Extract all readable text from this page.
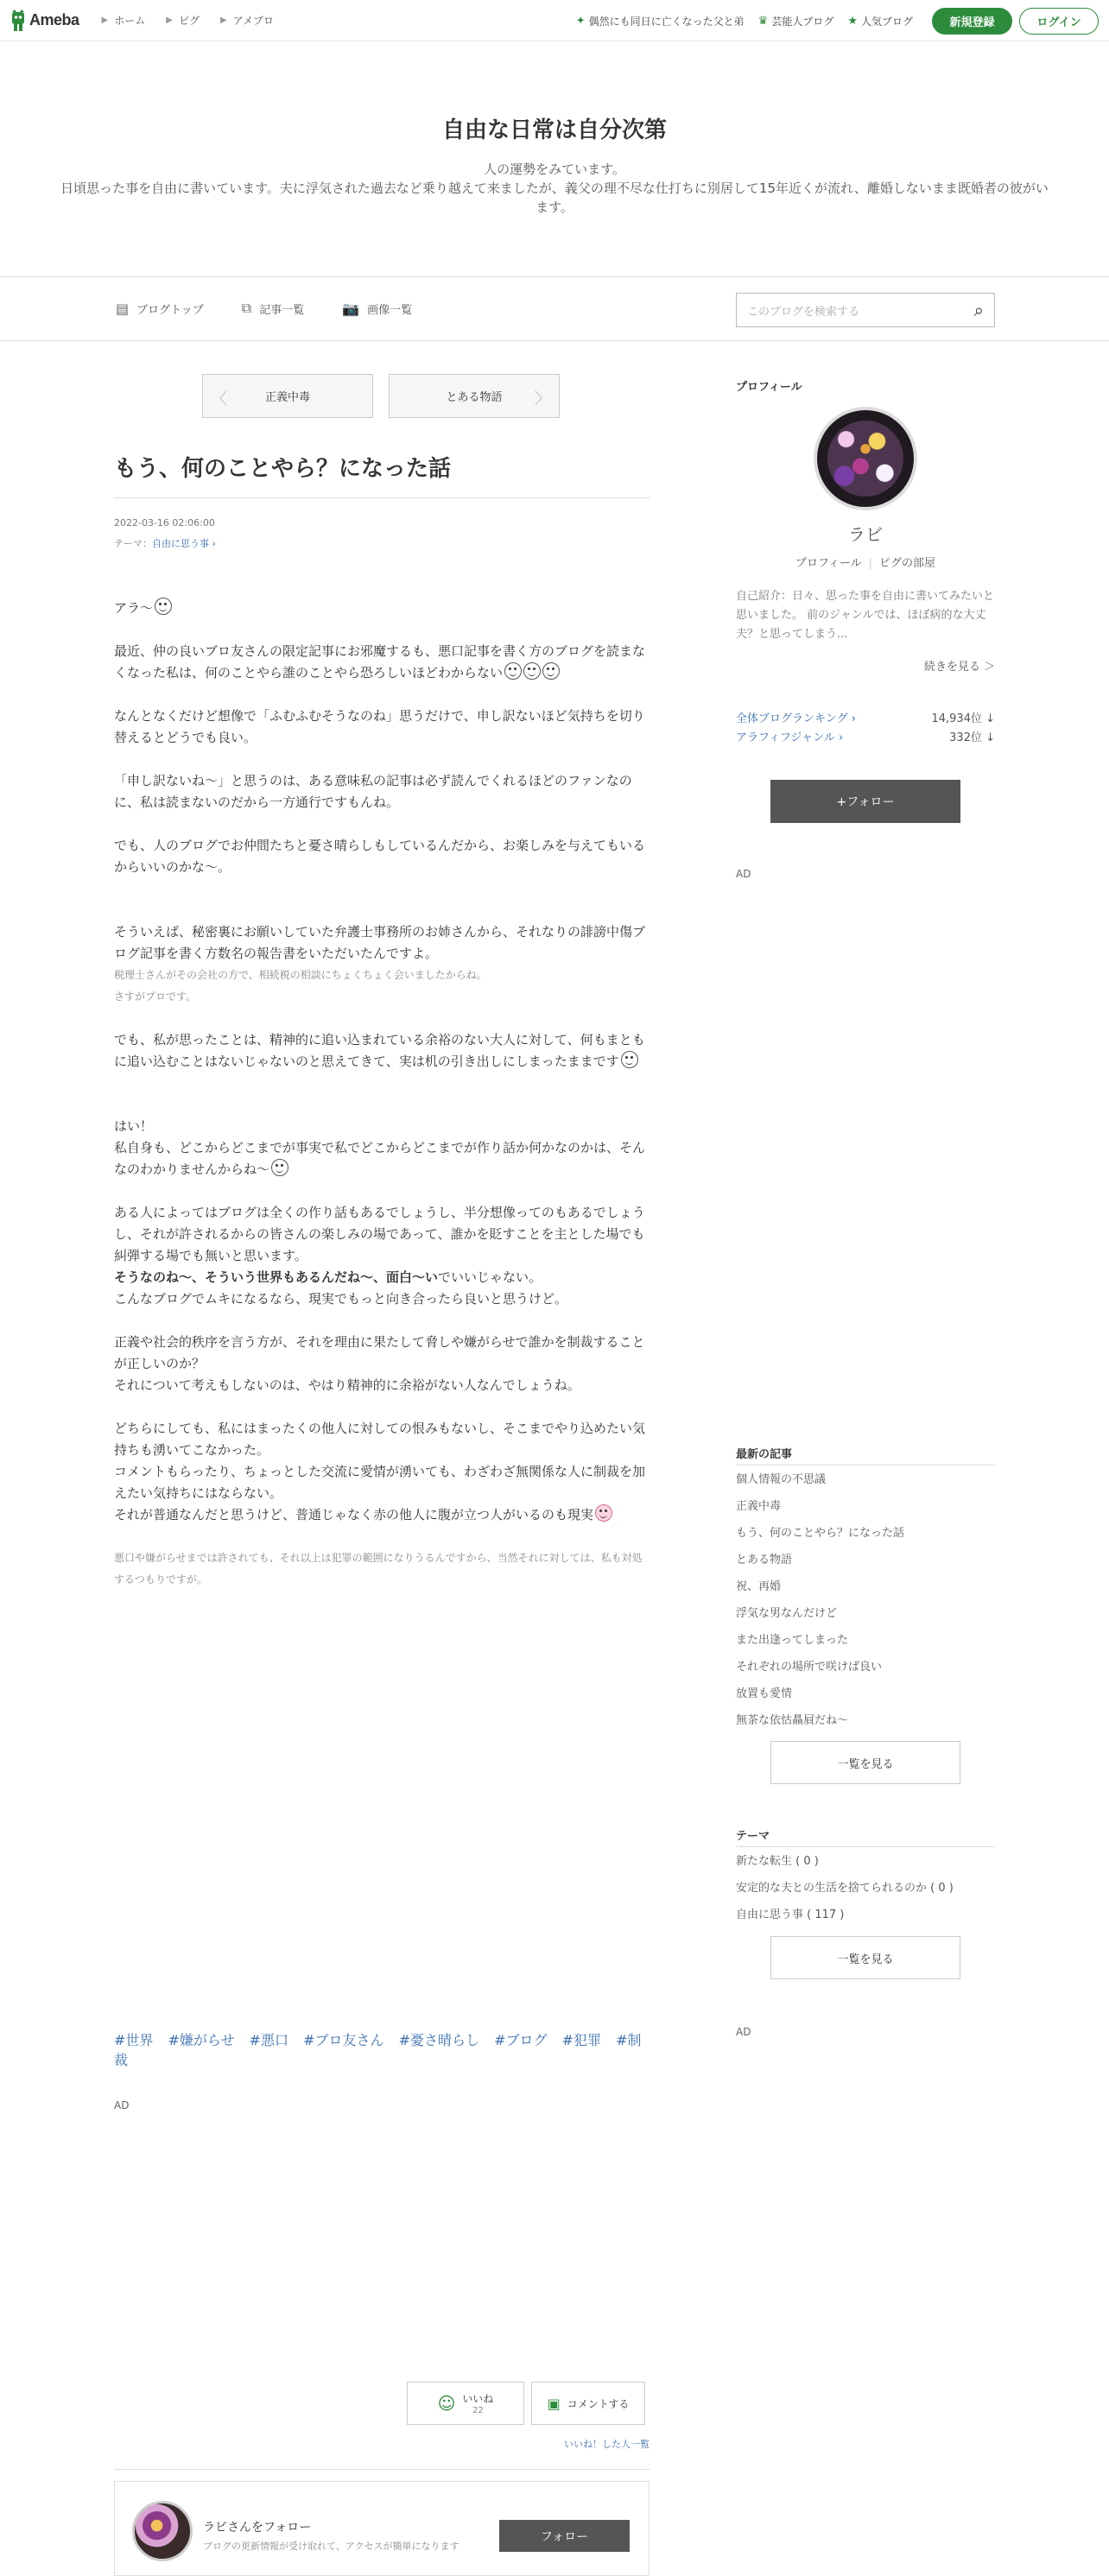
Ameba	▶ ホーム ▶ ピグ ▶ アメブロ	✦ 偶然にも同日に亡くなった父と弟 ♛ 芸能人ブログ ★ 人気ブログ	新規登録	ログイン
自由な日常は自分次第
人の運勢をみています。
日頃思った事を自由に書いています。夫に浮気された過去など乗り越えて来ましたが、義父の理不尽な仕打ちに別居して15年近くが流れ、離婚しないまま既婚者の彼がいます。
▤ ブログトップ	⧉ 記事一覧	📷 画像一覧	このブログを検索する	⌕
〈	正義中毒	とある物語 〉
もう、何のことやら？になった話
2022-03-16 02:06:00
テーマ：自由に思う事 ›

アラ〜

最近、仲の良いブロ友さんの限定記事にお邪魔するも、悪口記事を書く方のブログを読まなくなった私は、何のことやら誰のことやら恐ろしいほどわからない

なんとなくだけど想像で「ふむふむそうなのね」思うだけで、申し訳ないほど気持ちを切り替えるとどうでも良い。

「申し訳ないね〜」と思うのは、ある意味私の記事は必ず読んでくれるほどのファンなのに、私は読まないのだから一方通行ですもんね。

でも、人のブログでお仲間たちと憂さ晴らしもしているんだから、お楽しみを与えてもいるからいいのかな～。

そういえば、秘密裏にお願いしていた弁護士事務所のお姉さんから、それなりの誹謗中傷ブログ記事を書く方数名の報告書をいただいたんですよ。

税理士さんがその会社の方で、相続税の相談にちょくちょく会いましたからね。

さすがプロです。

でも、私が思ったことは、精神的に追い込まれている余裕のない大人に対して、何もまともに追い込むことはないじゃないのと思えてきて、実は机の引き出しにしまったままです

はい！

私自身も、どこからどこまでが事実で私でどこからどこまでが作り話か何かなのかは、そんなのわかりませんからね～

ある人によってはブログは全くの作り話もあるでしょうし、半分想像ってのもあるでしょうし、それが許されるからの皆さんの楽しみの場であって、誰かを貶すことを主とした場でも糾弾する場でも無いと思います。

そうなのね〜、そういう世界もあるんだね〜、面白〜いでいいじゃない。

こんなブログでムキになるなら、現実でもっと向き合ったら良いと思うけど。

正義や社会的秩序を言う方が、それを理由に果たして脅しや嫌がらせで誰かを制裁することが正しいのか？

それについて考えもしないのは、やはり精神的に余裕がない人なんでしょうね。

どちらにしても、私にはまったくの他人に対しての恨みもないし、そこまでやり込めたい気持ちも湧いてこなかった。

コメントもらったり、ちょっとした交流に愛情が湧いても、わざわざ無関係な人に制裁を加えたい気持ちにはならない。

それが普通なんだと思うけど、普通じゃなく赤の他人に腹が立つ人がいるのも現実

悪口や嫌がらせまでは許されても、それ以上は犯罪の範囲になりうるんですから、当然それに対しては、私も対処するつもりですが。

#世界 #嫌がらせ #悪口 #ブロ友さん #憂さ晴らし #ブログ #犯罪 #制裁
AD
☺ いいね
22	▣ コメントする
いいね！した人一覧
ラビさんをフォロー
ブログの更新情報が受け取れて、アクセスが簡単になります
フォロー
プロフィール
ラビ
プロフィール | ピグの部屋
自己紹介：日々、思った事を自由に書いてみたいと思いました。 前のジャンルでは、ほぼ病的な大丈夫？と思ってしまう...
続きを見る ＞
全体ブログランキング ›	14,934位 ↓
アラフィフジャンル ›	332位 ↓
+フォロー
AD
最新の記事
個人情報の不思議
正義中毒
もう、何のことやら？になった話
とある物語
祝、再婚
浮気な男なんだけど
また出逢ってしまった
それぞれの場所で咲けば良い
放置も愛情
無茶な依怙贔屓だね〜
一覧を見る
テーマ
新たな転生 ( 0 )
安定的な夫との生活を捨てられるのか ( 0 )
自由に思う事 ( 117 )
一覧を見る
AD
